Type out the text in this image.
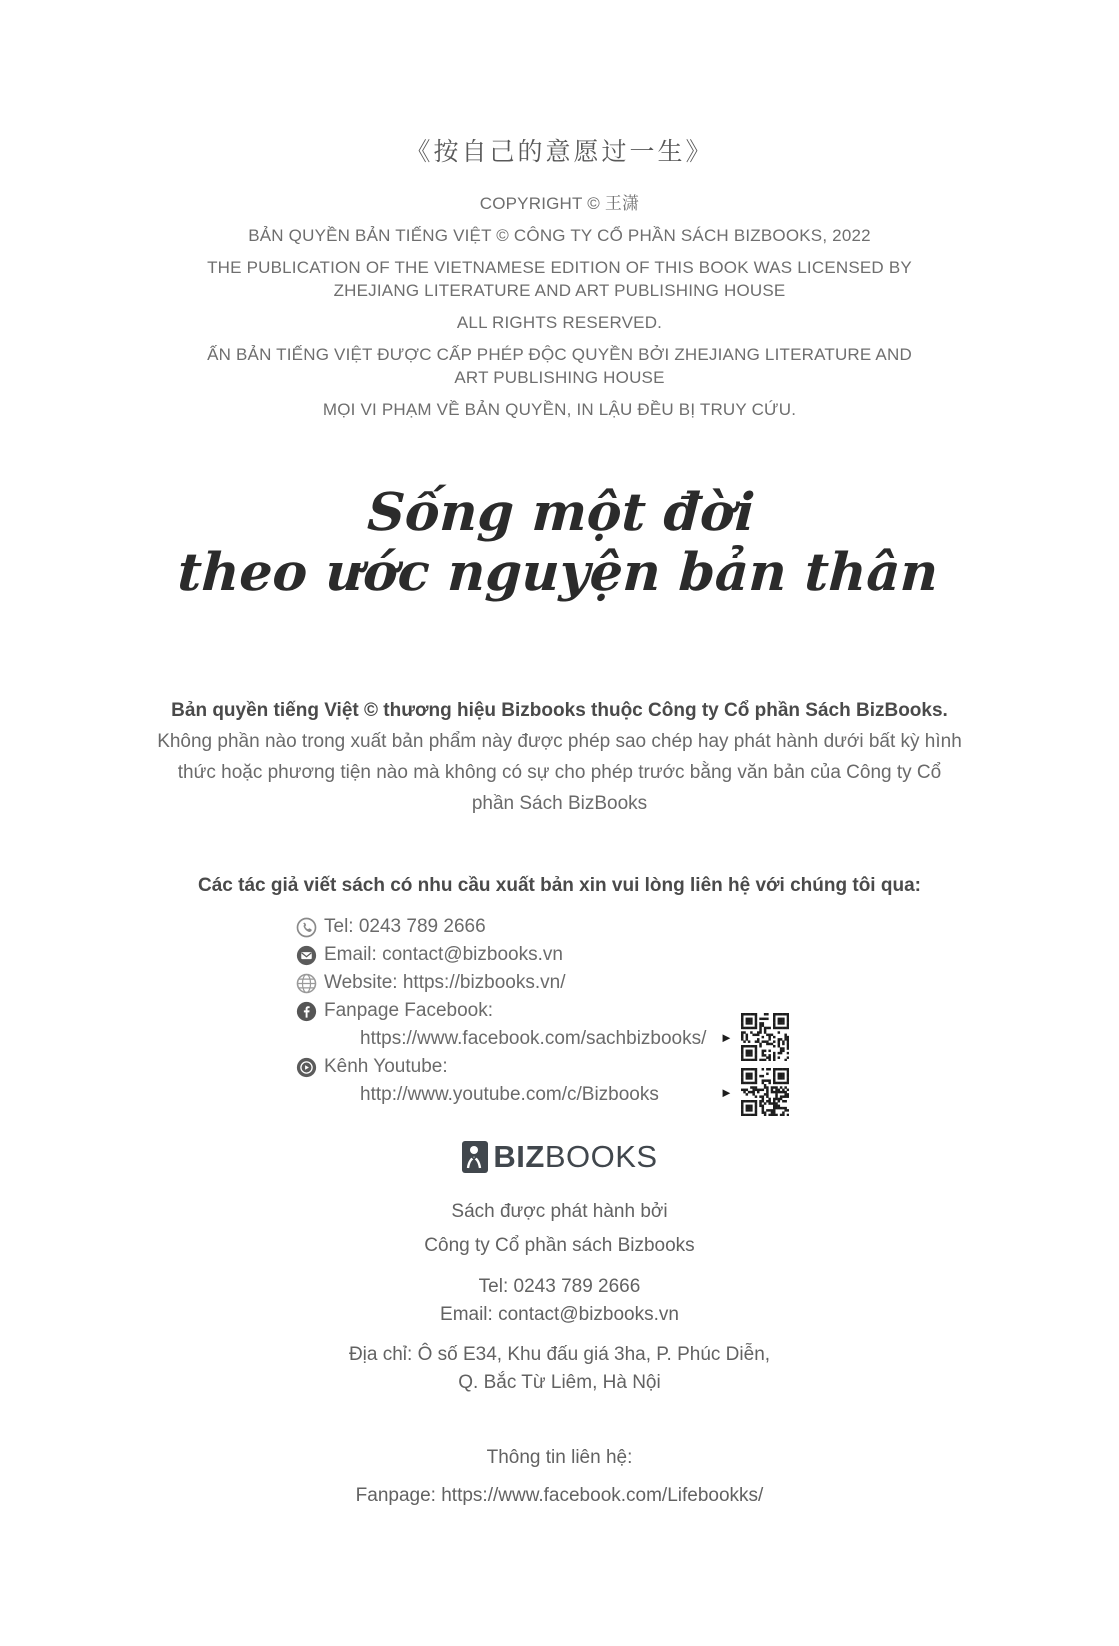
《按自己的意愿过一生》
COPYRIGHT © 王潇
BẢN QUYỀN BẢN TIẾNG VIỆT © CÔNG TY CỔ PHẦN SÁCH BIZBOOKS, 2022
THE PUBLICATION OF THE VIETNAMESE EDITION OF THIS BOOK WAS LICENSED BY ZHEJIANG LITERATURE AND ART PUBLISHING HOUSE
ALL RIGHTS RESERVED.
ẤN BẢN TIẾNG VIỆT ĐƯỢC CẤP PHÉP ĐỘC QUYỀN BỞI ZHEJIANG LITERATURE AND ART PUBLISHING HOUSE
MỌI VI PHẠM VỀ BẢN QUYỀN, IN LẬU ĐỀU BỊ TRUY CỨU.
Sống một đời
theo ước nguyện bản thân
Bản quyền tiếng Việt © thương hiệu Bizbooks thuộc Công ty Cổ phần Sách BizBooks.
Không phần nào trong xuất bản phẩm này được phép sao chép hay phát hành dưới bất kỳ hình thức hoặc phương tiện nào mà không có sự cho phép trước bằng văn bản của Công ty Cổ phần Sách BizBooks
Các tác giả viết sách có nhu cầu xuất bản xin vui lòng liên hệ với chúng tôi qua:
Tel: 0243 789 2666
Email: contact@bizbooks.vn
Website: https://bizbooks.vn/
Fanpage Facebook:
https://www.facebook.com/sachbizbooks/
Kênh Youtube:
http://www.youtube.com/c/Bizbooks
►
►
BIZBOOKS
Sách được phát hành bởi
Công ty Cổ phần sách Bizbooks
Tel: 0243 789 2666
Email: contact@bizbooks.vn
Địa chỉ: Ô số E34, Khu đấu giá 3ha, P. Phúc Diễn,
Q. Bắc Từ Liêm, Hà Nội
Thông tin liên hệ:
Fanpage: https://www.facebook.com/Lifebookks/
